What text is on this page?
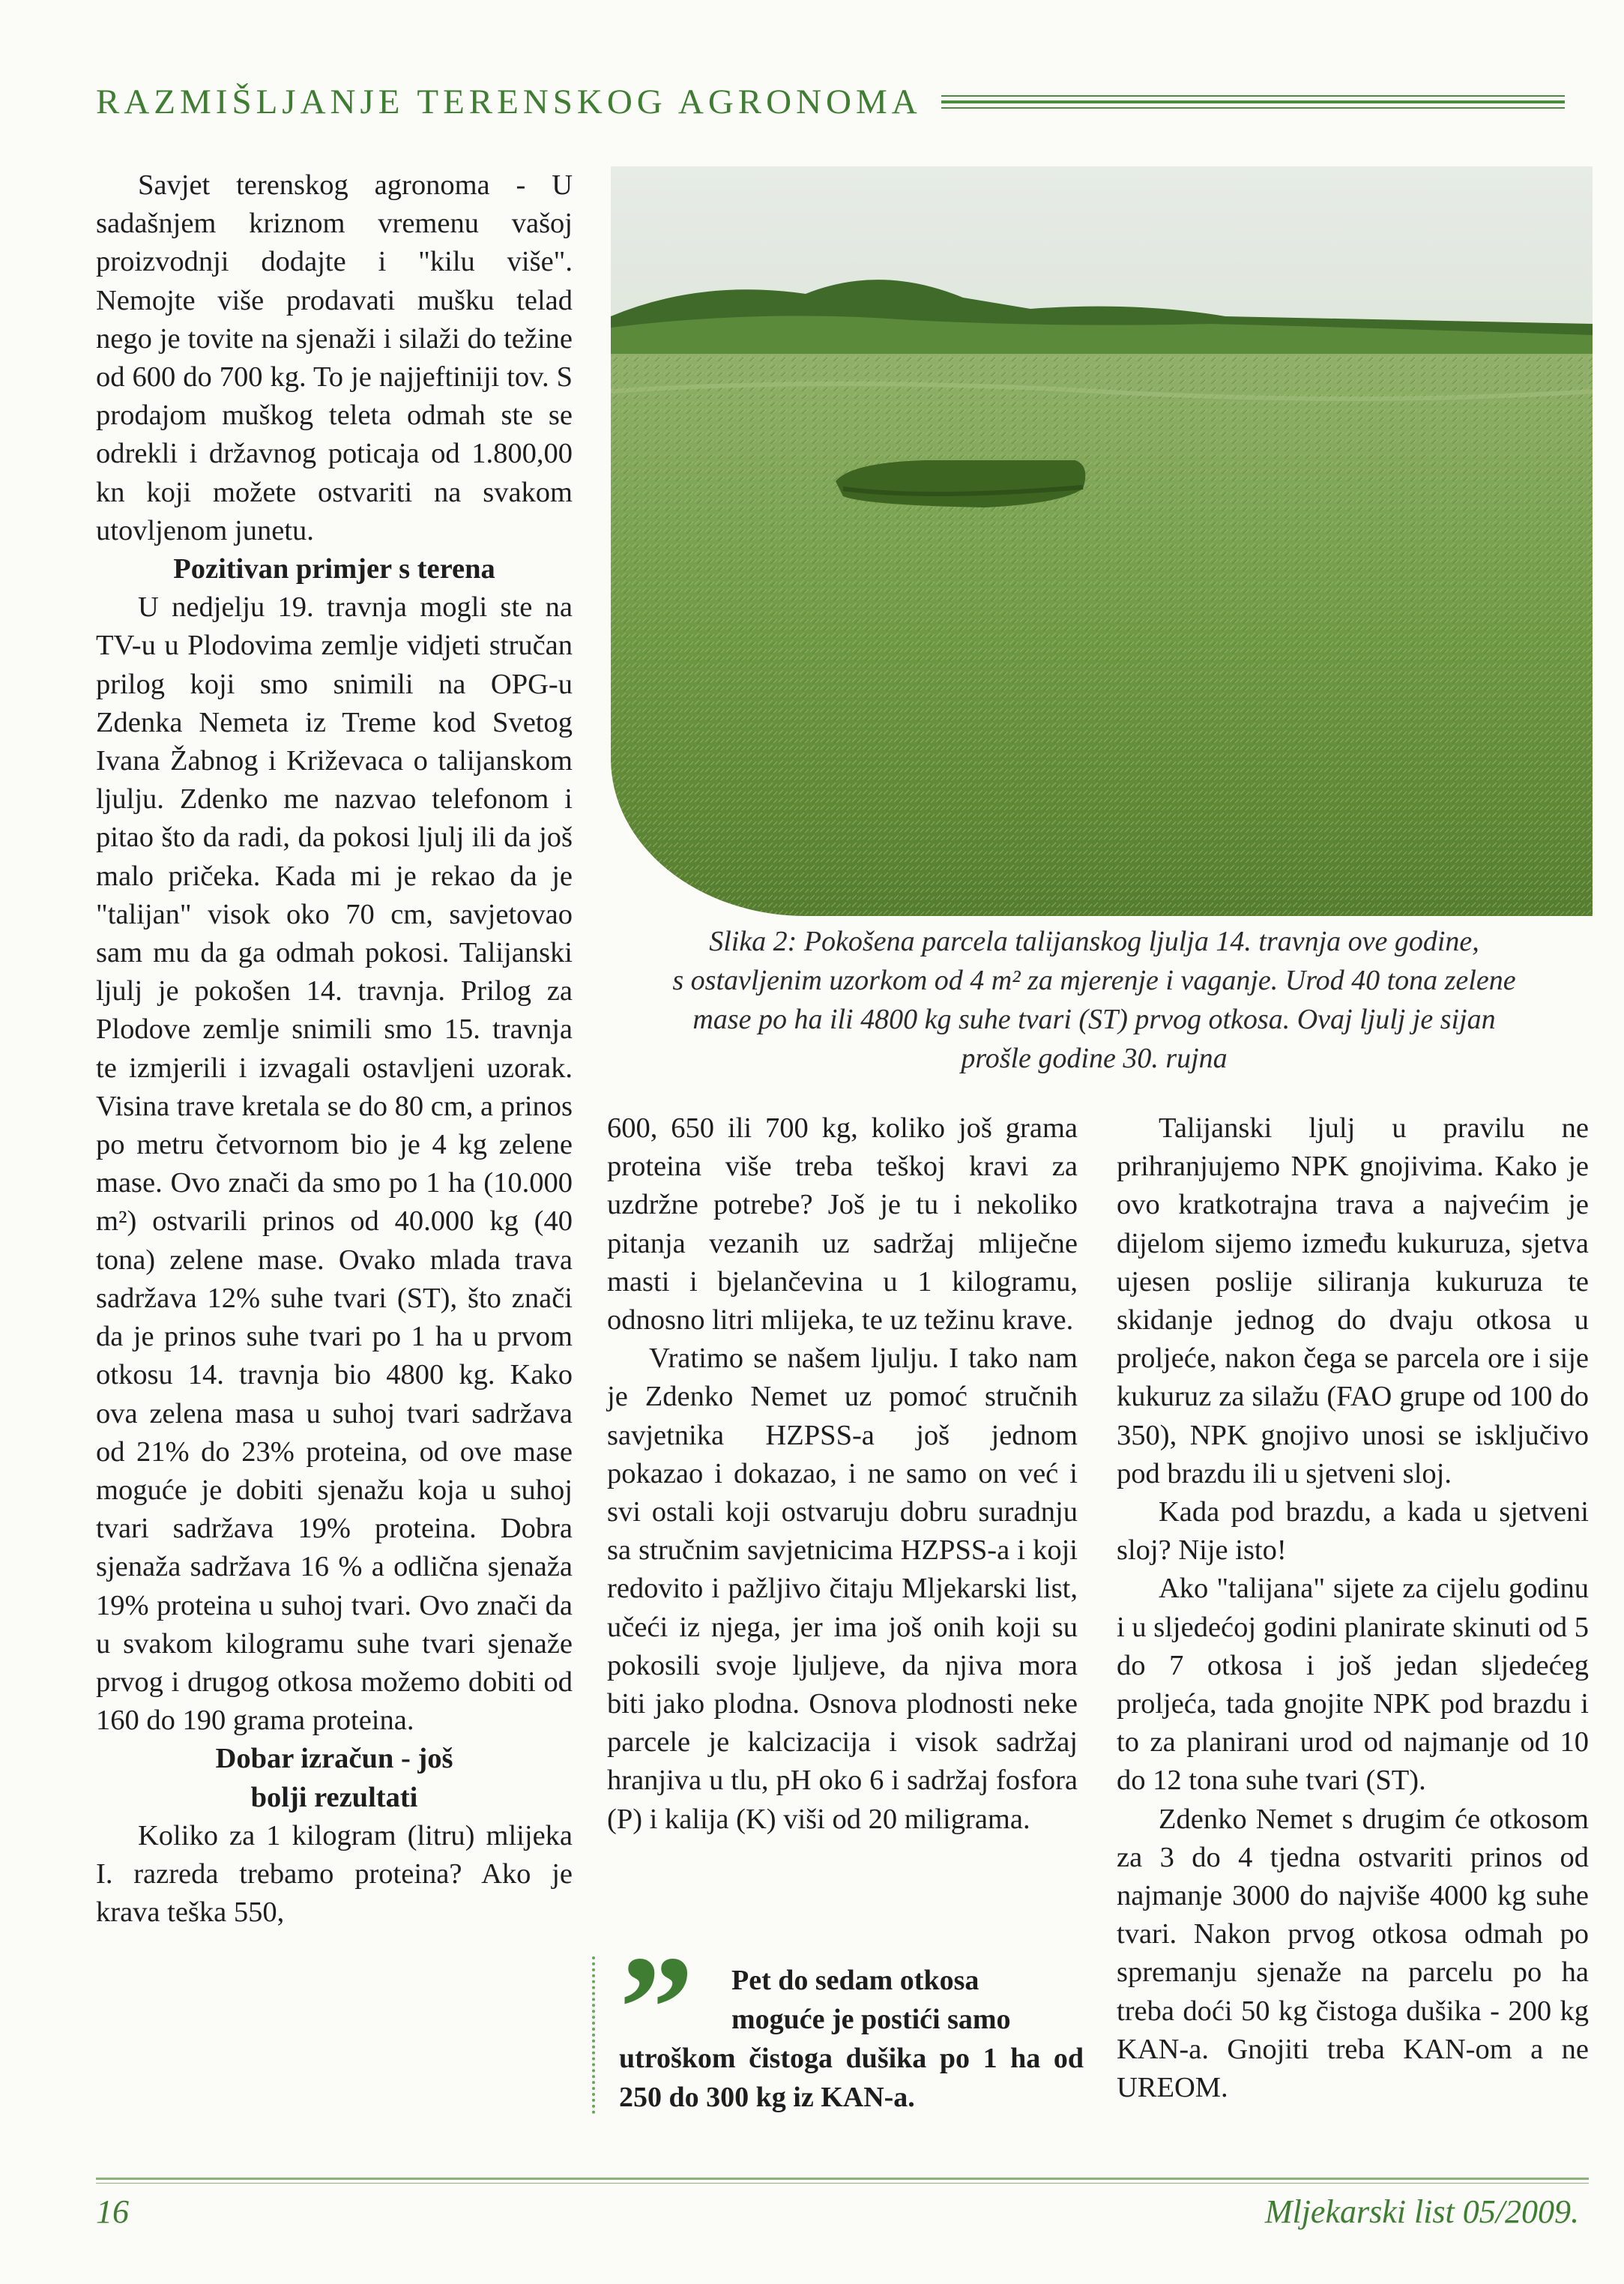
RAZMIŠLJANJE TERENSKOG AGRONOMA

Savjet terenskog agronoma - U sadašnjem kriznom vremenu vašoj proizvodnji dodajte i "kilu više". Nemojte više prodavati mušku telad nego je tovite na sjenaži i silaži do težine od 600 do 700 kg. To je najjeftiniji tov. S prodajom muškog teleta odmah ste se odrekli i državnog poticaja od 1.800,00 kn koji možete ostvariti na svakom utovljenom junetu.

Pozitivan primjer s terena

U nedjelju 19. travnja mogli ste na TV-u u Plodovima zemlje vidjeti stručan prilog koji smo snimili na OPG-u Zdenka Nemeta iz Treme kod Svetog Ivana Žabnog i Križevaca o talijanskom ljulju. Zdenko me nazvao telefonom i pitao što da radi, da pokosi ljulj ili da još malo pričeka. Kada mi je rekao da je "talijan" visok oko 70 cm, savjetovao sam mu da ga odmah pokosi. Talijanski ljulj je pokošen 14. travnja. Prilog za Plodove zemlje snimili smo 15. travnja te izmjerili i izvagali ostavljeni uzorak. Visina trave kretala se do 80 cm, a prinos po metru četvornom bio je 4 kg zelene mase. Ovo znači da smo po 1 ha (10.000 m²) ostvarili prinos od 40.000 kg (40 tona) zelene mase. Ovako mlada trava sadržava 12% suhe tvari (ST), što znači da je prinos suhe tvari po 1 ha u prvom otkosu 14. travnja bio 4800 kg. Kako ova zelena masa u suhoj tvari sadržava od 21% do 23% proteina, od ove mase moguće je dobiti sjenažu koja u suhoj tvari sadržava 19% proteina. Dobra sjenaža sadržava 16 % a odlična sjenaža 19% proteina u suhoj tvari. Ovo znači da u svakom kilogramu suhe tvari sjenaže prvog i drugog otkosa možemo dobiti od 160 do 190 grama proteina.

Dobar izračun - još
bolji rezultati

Koliko za 1 kilogram (litru) mlijeka I. razreda trebamo proteina? Ako je krava teška 550,

Slika 2: Pokošena parcela talijanskog ljulja 14. travnja ove godine,
s ostavljenim uzorkom od 4 m² za mjerenje i vaganje. Urod 40 tona zelene
mase po ha ili 4800 kg suhe tvari (ST) prvog otkosa. Ovaj ljulj je sijan
prošle godine 30. rujna

600, 650 ili 700 kg, koliko još grama proteina više treba teškoj kravi za uzdržne potrebe? Još je tu i nekoliko pitanja vezanih uz sadržaj mliječne masti i bjelančevina u 1 kilogramu, odnosno litri mlijeka, te uz težinu krave.

Vratimo se našem ljulju. I tako nam je Zdenko Nemet uz pomoć stručnih savjetnika HZPSS-a još jednom pokazao i dokazao, i ne samo on već i svi ostali koji ostvaruju dobru suradnju sa stručnim savjetnicima HZPSS-a i koji redovito i pažljivo čitaju Mljekarski list, učeći iz njega, jer ima još onih koji su pokosili svoje ljuljeve, da njiva mora biti jako plodna. Osnova plodnosti neke parcele je kalcizacija i visok sadržaj hranjiva u tlu, pH oko 6 i sadržaj fosfora (P) i kalija (K) viši od 20 miligrama.

”	Pet do sedam otkosa
moguće je postići samo
utroškom čistoga dušika po 1 ha od 250 do 300 kg iz KAN-a.

Talijanski ljulj u pravilu ne prihranjujemo NPK gnojivima. Kako je ovo kratkotrajna trava a najvećim je dijelom sijemo između kukuruza, sjetva ujesen poslije siliranja kukuruza te skidanje jednog do dvaju otkosa u proljeće, nakon čega se parcela ore i sije kukuruz za silažu (FAO grupe od 100 do 350), NPK gnojivo unosi se isključivo pod brazdu ili u sjetveni sloj.

Kada pod brazdu, a kada u sjetveni sloj? Nije isto!

Ako "talijana" sijete za cijelu godinu i u sljedećoj godini planirate skinuti od 5 do 7 otkosa i još jedan sljedećeg proljeća, tada gnojite NPK pod brazdu i to za planirani urod od najmanje od 10 do 12 tona suhe tvari (ST).

Zdenko Nemet s drugim će otkosom za 3 do 4 tjedna ostvariti prinos od najmanje 3000 do najviše 4000 kg suhe tvari. Nakon prvog otkosa odmah po spremanju sjenaže na parcelu po ha treba doći 50 kg čistoga dušika - 200 kg KAN-a. Gnojiti treba KAN-om a ne UREOM.

16	Mljekarski list 05/2009.
